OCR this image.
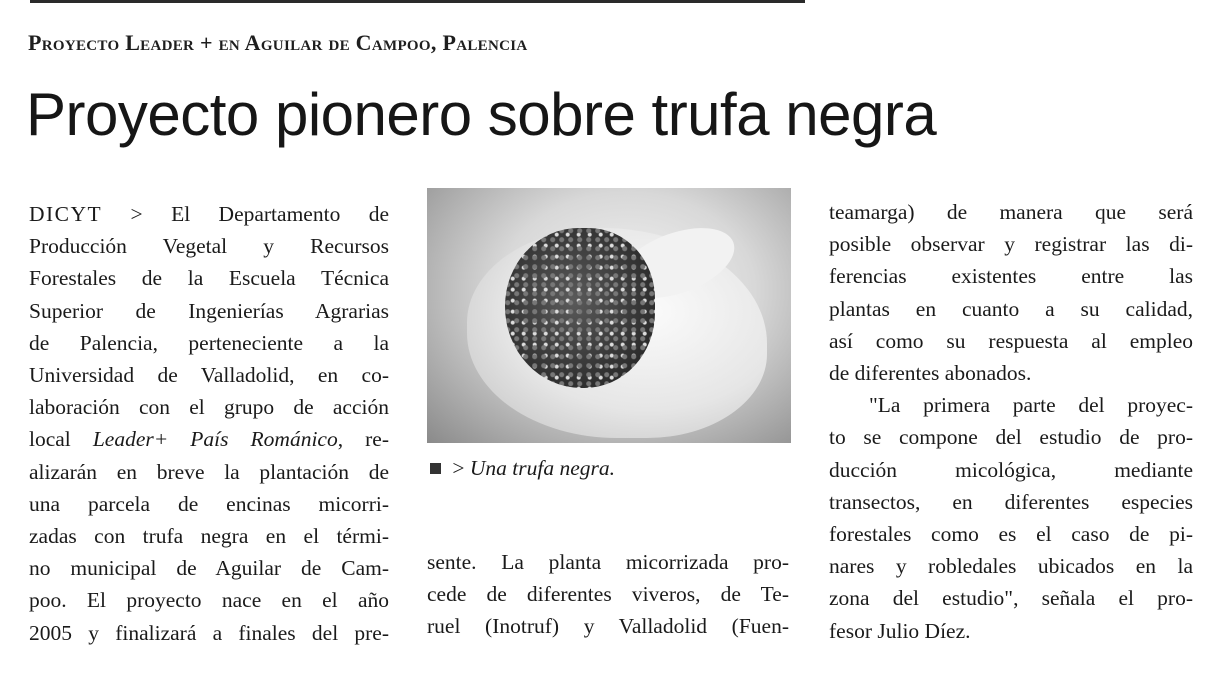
Proyecto Leader + en Aguilar de Campoo, Palencia
Proyecto pionero sobre trufa negra
DICYT > El Departamento de
Producción Vegetal y Recursos
Forestales de la Escuela Técnica
Superior de Ingenierías Agrarias
de Palencia, perteneciente a la
Universidad de Valladolid, en co-
laboración con el grupo de acción
local Leader+ País Románico, re-
alizarán en breve la plantación de
una parcela de encinas micorri-
zadas con trufa negra en el térmi-
no municipal de Aguilar de Cam-
poo. El proyecto nace en el año
2005 y finalizará a finales del pre-
> Una trufa negra.
sente. La planta micorrizada pro-
cede de diferentes viveros, de Te-
ruel (Inotruf) y Valladolid (Fuen-
teamarga) de manera que será
posible observar y registrar las di-
ferencias existentes entre las
plantas en cuanto a su calidad,
así como su respuesta al empleo
de diferentes abonados.
"La primera parte del proyec-
to se compone del estudio de pro-
ducción micológica, mediante
transectos, en diferentes especies
forestales como es el caso de pi-
nares y robledales ubicados en la
zona del estudio", señala el pro-
fesor Julio Díez.
